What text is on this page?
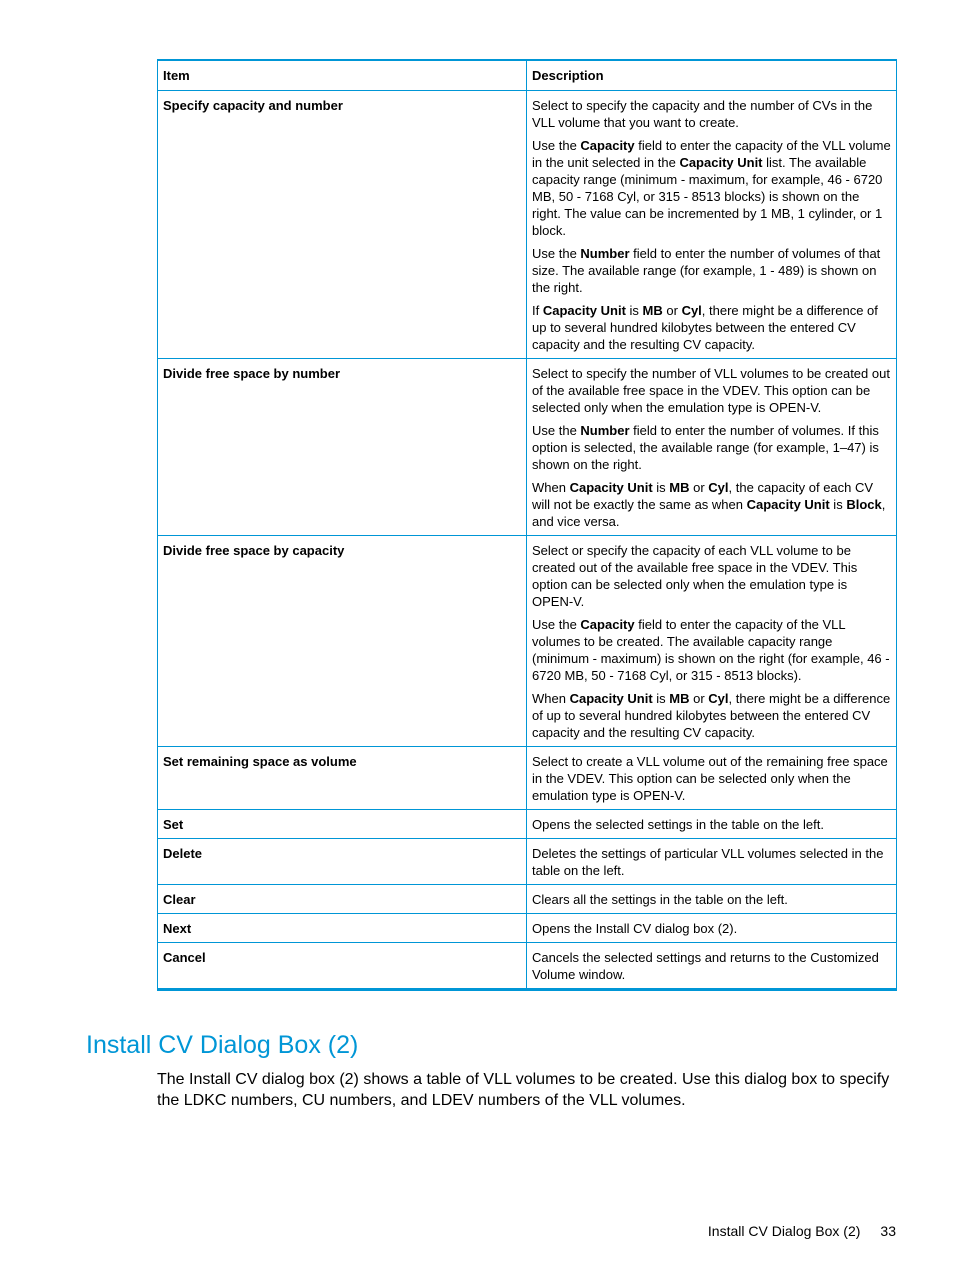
Item	Description
Specify capacity and number	Select to specify the capacity and the number of CVs in the VLL volume that you want to create.

Use the Capacity field to enter the capacity of the VLL volume in the unit selected in the Capacity Unit list. The available capacity range (minimum - maximum, for example, 46 - 6720 MB, 50 - 7168 Cyl, or 315 - 8513 blocks) is shown on the right. The value can be incremented by 1 MB, 1 cylinder, or 1 block.

Use the Number field to enter the number of volumes of that size. The available range (for example, 1 - 489) is shown on the right.

If Capacity Unit is MB or Cyl, there might be a difference of up to several hundred kilobytes between the entered CV capacity and the resulting CV capacity.

Divide free space by number	Select to specify the number of VLL volumes to be created out of the available free space in the VDEV. This option can be selected only when the emulation type is OPEN-V.

Use the Number field to enter the number of volumes. If this option is selected, the available range (for example, 1–47) is shown on the right.

When Capacity Unit is MB or Cyl, the capacity of each CV will not be exactly the same as when Capacity Unit is Block, and vice versa.

Divide free space by capacity	Select or specify the capacity of each VLL volume to be created out of the available free space in the VDEV. This option can be selected only when the emulation type is OPEN-V.

Use the Capacity field to enter the capacity of the VLL volumes to be created. The available capacity range (minimum - maximum) is shown on the right (for example, 46 - 6720 MB, 50 - 7168 Cyl, or 315 - 8513 blocks).

When Capacity Unit is MB or Cyl, there might be a difference of up to several hundred kilobytes between the entered CV capacity and the resulting CV capacity.

Set remaining space as volume	Select to create a VLL volume out of the remaining free space in the VDEV. This option can be selected only when the emulation type is OPEN-V.

Set	Opens the selected settings in the table on the left.

Delete	Deletes the settings of particular VLL volumes selected in the table on the left.

Clear	Clears all the settings in the table on the left.

Next	Opens the Install CV dialog box (2).

Cancel	Cancels the selected settings and returns to the Customized Volume window.

Install CV Dialog Box (2)

The Install CV dialog box (2) shows a table of VLL volumes to be created. Use this dialog box to specify the LDKC numbers, CU numbers, and LDEV numbers of the VLL volumes.

Install CV Dialog Box (2) 33
